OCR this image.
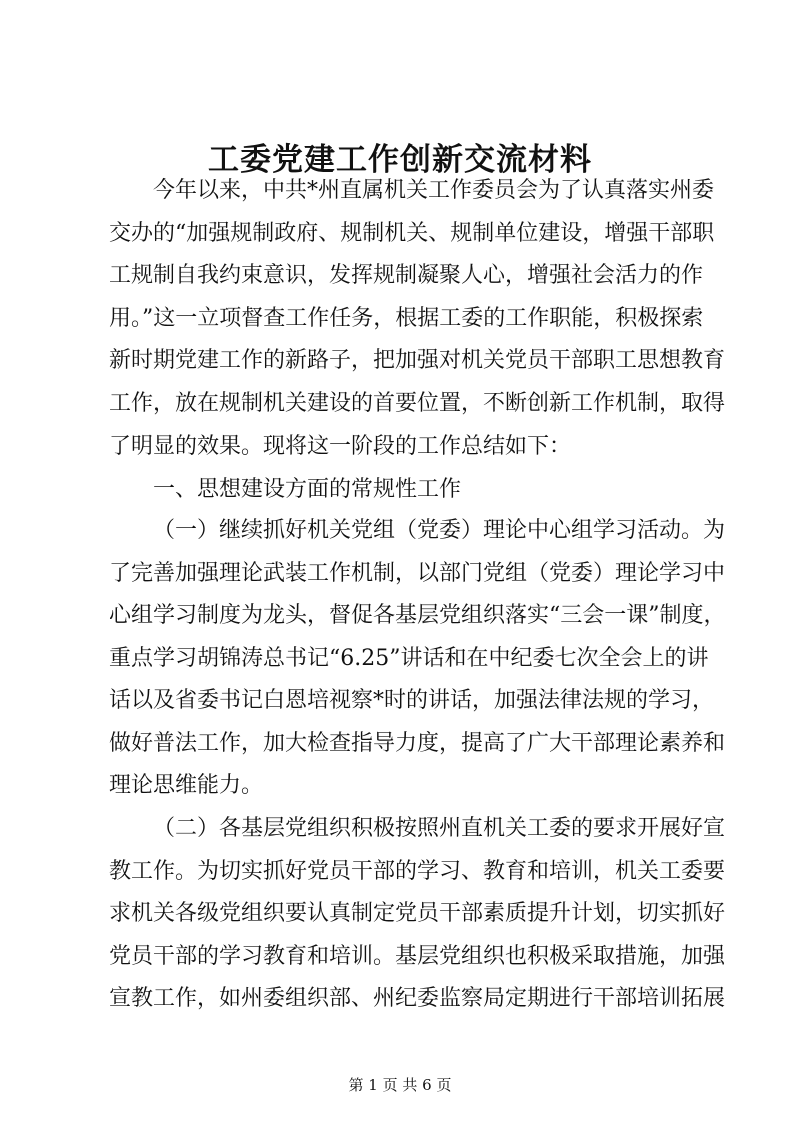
工委党建工作创新交流材料
今年以来，中共*州直属机关工作委员会为了认真落实州委
交办的“加强规制政府、规制机关、规制单位建设，增强干部职
工规制自我约束意识，发挥规制凝聚人心，增强社会活力的作
用。”这一立项督查工作任务，根据工委的工作职能，积极探索
新时期党建工作的新路子，把加强对机关党员干部职工思想教育
工作，放在规制机关建设的首要位置，不断创新工作机制，取得
了明显的效果。现将这一阶段的工作总结如下：
一、思想建设方面的常规性工作
（一）继续抓好机关党组（党委）理论中心组学习活动。为
了完善加强理论武装工作机制，以部门党组（党委）理论学习中
心组学习制度为龙头，督促各基层党组织落实“三会一课”制度，
重点学习胡锦涛总书记“6.25”讲话和在中纪委七次全会上的讲
话以及省委书记白恩培视察*时的讲话，加强法律法规的学习，
做好普法工作，加大检查指导力度，提高了广大干部理论素养和
理论思维能力。
（二）各基层党组织积极按照州直机关工委的要求开展好宣
教工作。为切实抓好党员干部的学习、教育和培训，机关工委要
求机关各级党组织要认真制定党员干部素质提升计划，切实抓好
党员干部的学习教育和培训。基层党组织也积极采取措施，加强
宣教工作，如州委组织部、州纪委监察局定期进行干部培训拓展
第 1 页 共 6 页
